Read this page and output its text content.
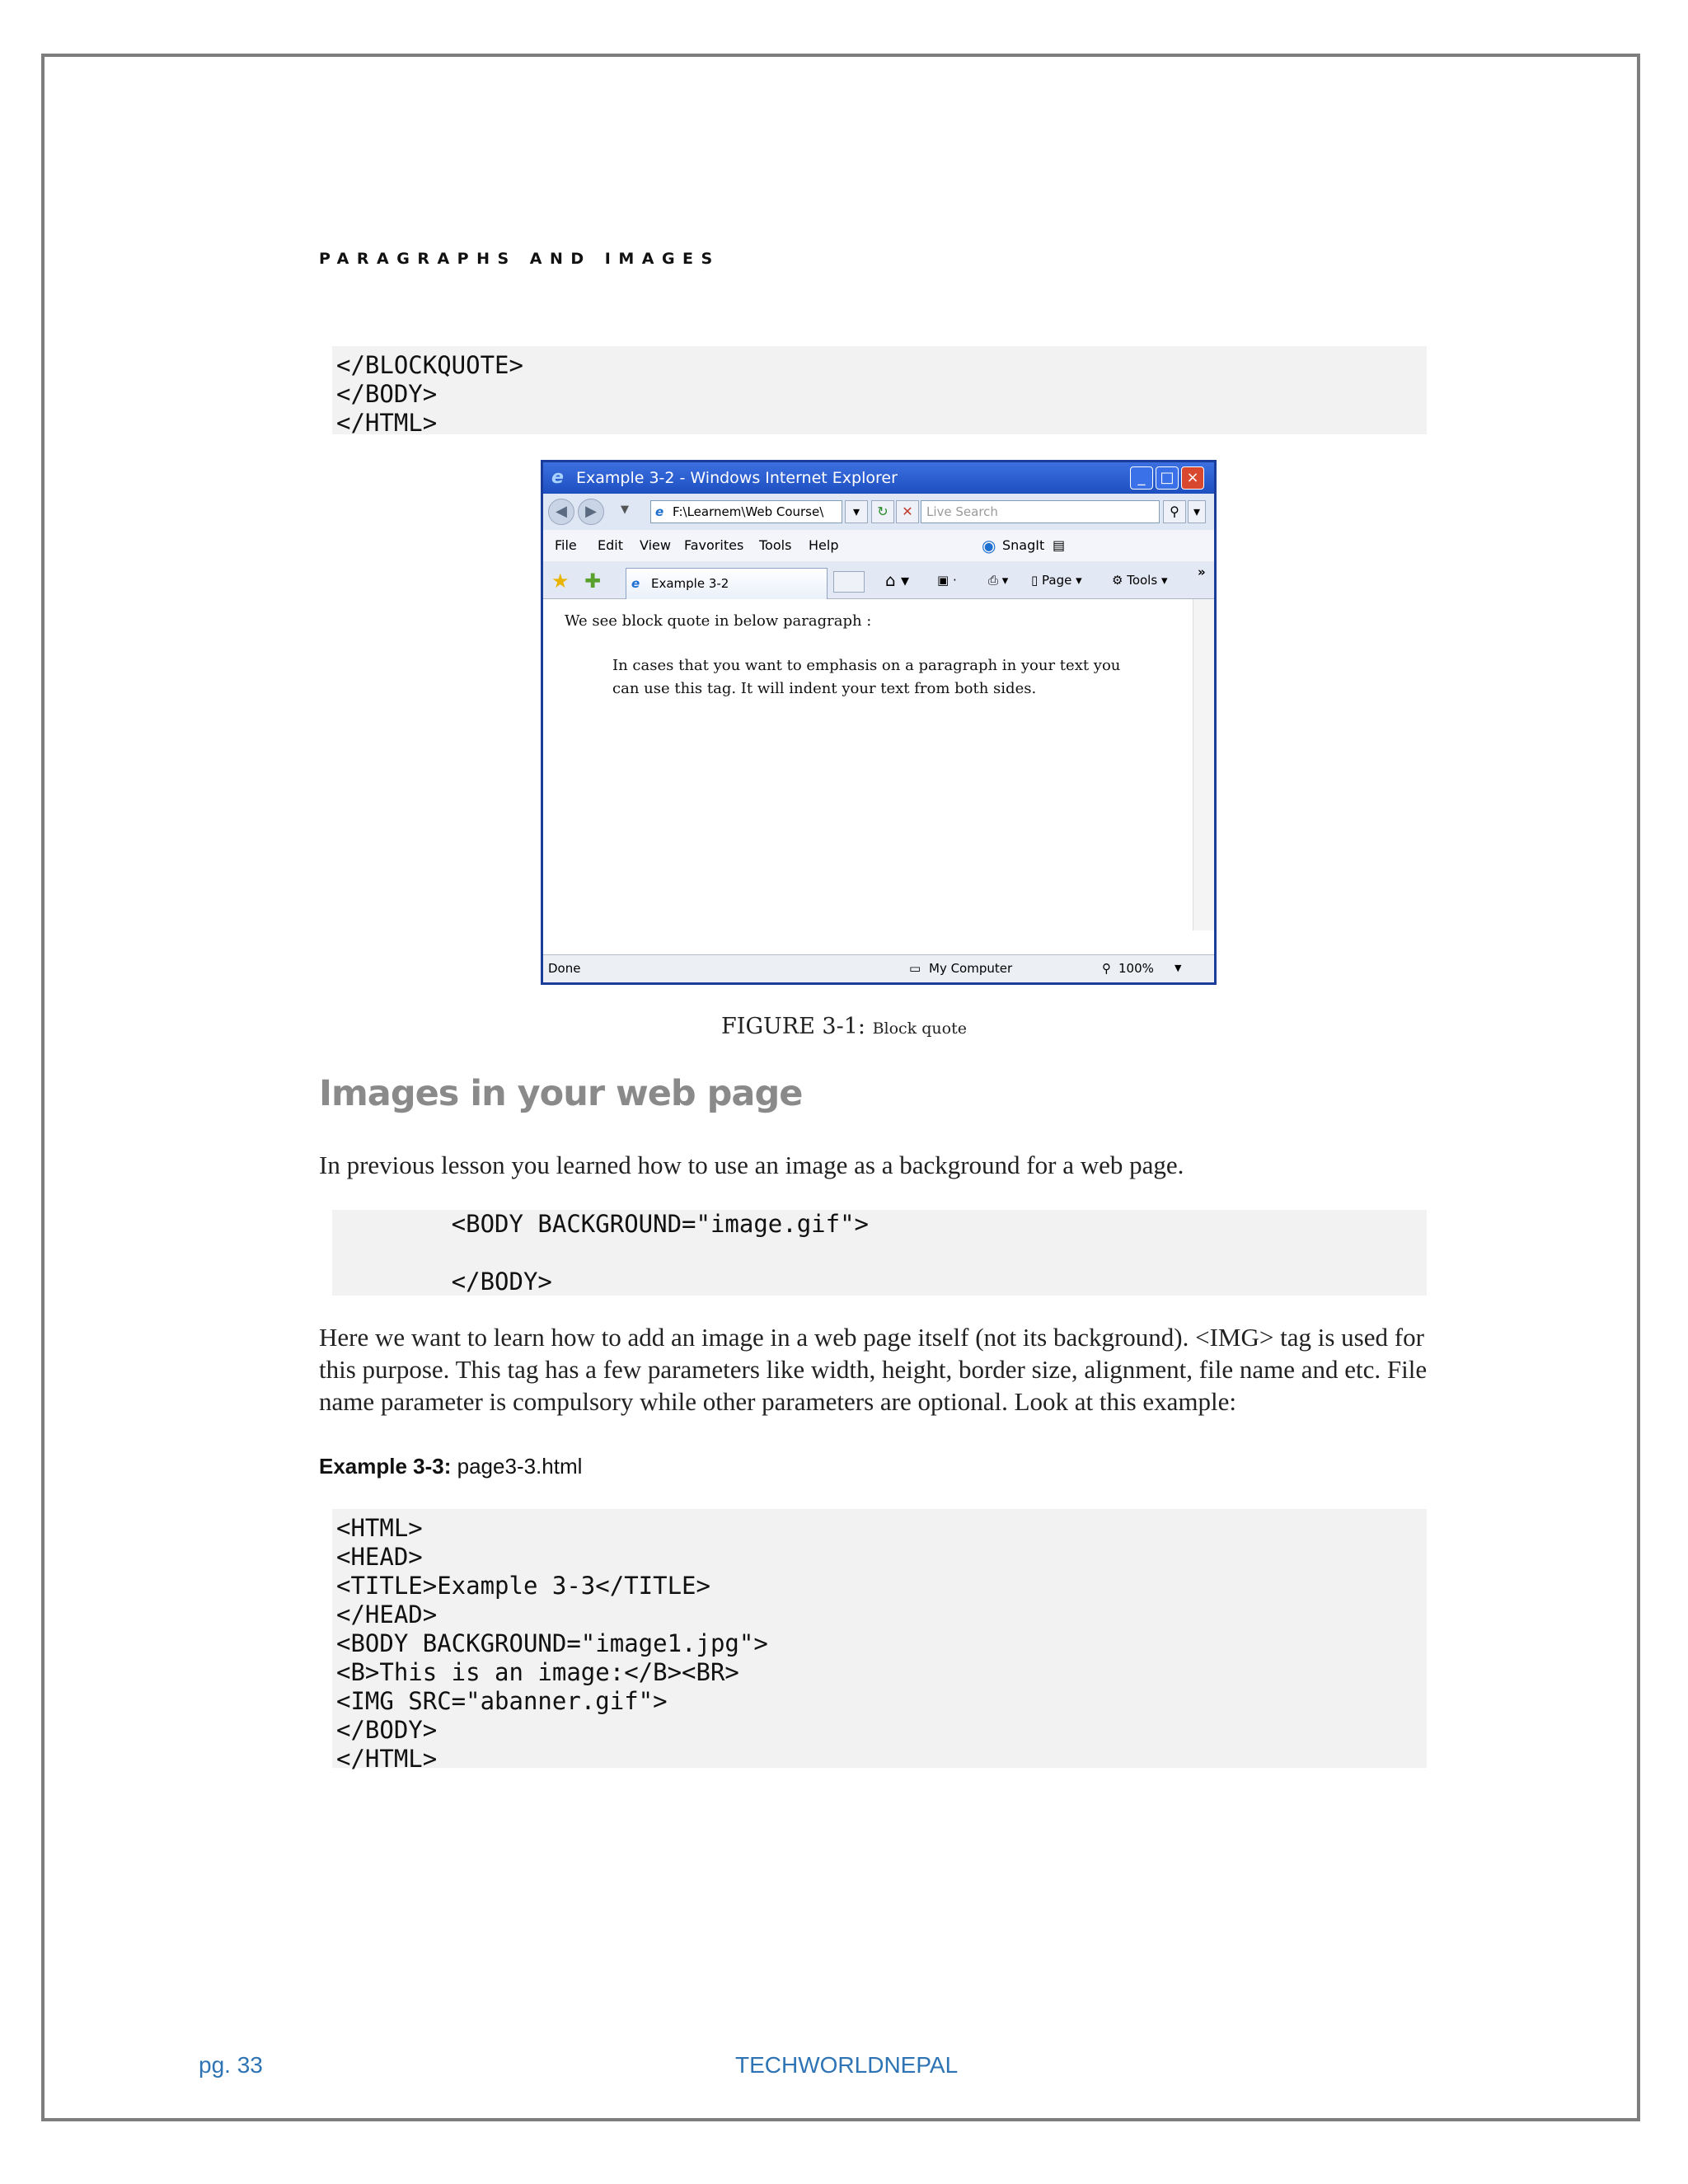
PARAGRAPHS AND IMAGES
</BLOCKQUOTE>
</BODY>
</HTML>
e Example 3-2 - Windows Internet Explorer	_ □ ×
◀	▶	▼ e F:\Learnem\Web Course\	▾	↻	✕	Live Search	⚲	▾
File Edit View Favorites Tools Help	◉ SnagIt ▤
★ ✚ e Example 3-2	⌂ ▾ ▣ ·	⎙ ▾ ▯ Page ▾ ⚙ Tools ▾
»
We see block quote in below paragraph :
In cases that you want to emphasis on a paragraph in your text you
can use this tag. It will indent your text from both sides.
Done	▭ My Computer	⚲ 100% ▼
FIGURE 3-1: Block quote
Images in your web page
In previous lesson you learned how to use an image as a background for a web page.
<BODY BACKGROUND="image.gif">
</BODY>
Here we want to learn how to add an image in a web page itself (not its background). <IMG> tag is used for
this purpose. This tag has a few parameters like width, height, border size, alignment, file name and etc. File
name parameter is compulsory while other parameters are optional. Look at this example:
Example 3-3: page3-3.html
<HTML>
<HEAD>
<TITLE>Example 3-3</TITLE>
</HEAD>
<BODY BACKGROUND="image1.jpg">
<B>This is an image:</B><BR>
<IMG SRC="abanner.gif">
</BODY>
</HTML>
pg. 33	TECHWORLDNEPAL
